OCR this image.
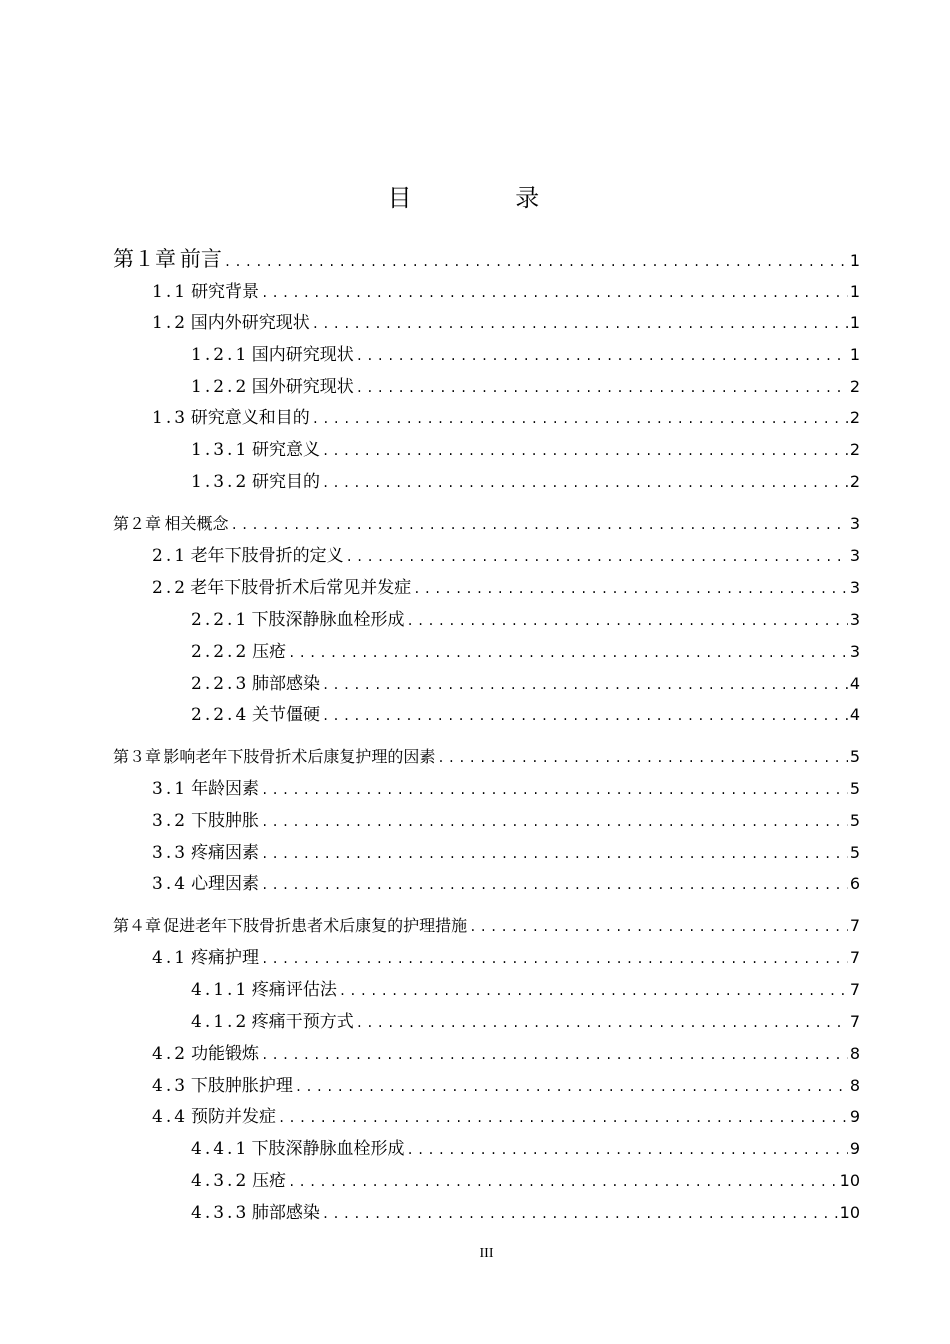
目 录
第１章 前言 .....	1
1.1 研究背景 .....	1
1.2 国内外研究现状 .....	1
1.2.1 国内研究现状 .....	1
1.2.2 国外研究现状 .....	2
1.3 研究意义和目的 .....	2
1.3.1 研究意义 .....	2
1.3.2 研究目的 .....	2
第２章 相关概念 .....	3
2.1 老年下肢骨折的定义 .....	3
2.2 老年下肢骨折术后常见并发症 .....	3
2.2.1 下肢深静脉血栓形成 .....	3
2.2.2 压疮 .....	3
2.2.3 肺部感染 .....	4
2.2.4 关节僵硬 .....	4
第３章 影响老年下肢骨折术后康复护理的因素 .....	5
3.1 年龄因素 .....	5
3.2 下肢肿胀 .....	5
3.3 疼痛因素 .....	5
3.4 心理因素 .....	6
第４章 促进老年下肢骨折患者术后康复的护理措施 .....	7
4.1 疼痛护理 .....	7
4.1.1 疼痛评估法 .....	7
4.1.2 疼痛干预方式 .....	7
4.2 功能锻炼 .....	8
4.3 下肢肿胀护理 .....	8
4.4 预防并发症 .....	9
4.4.1 下肢深静脉血栓形成 .....	9
4.3.2 压疮 .....	10
4.3.3 肺部感染 .....	10
III
